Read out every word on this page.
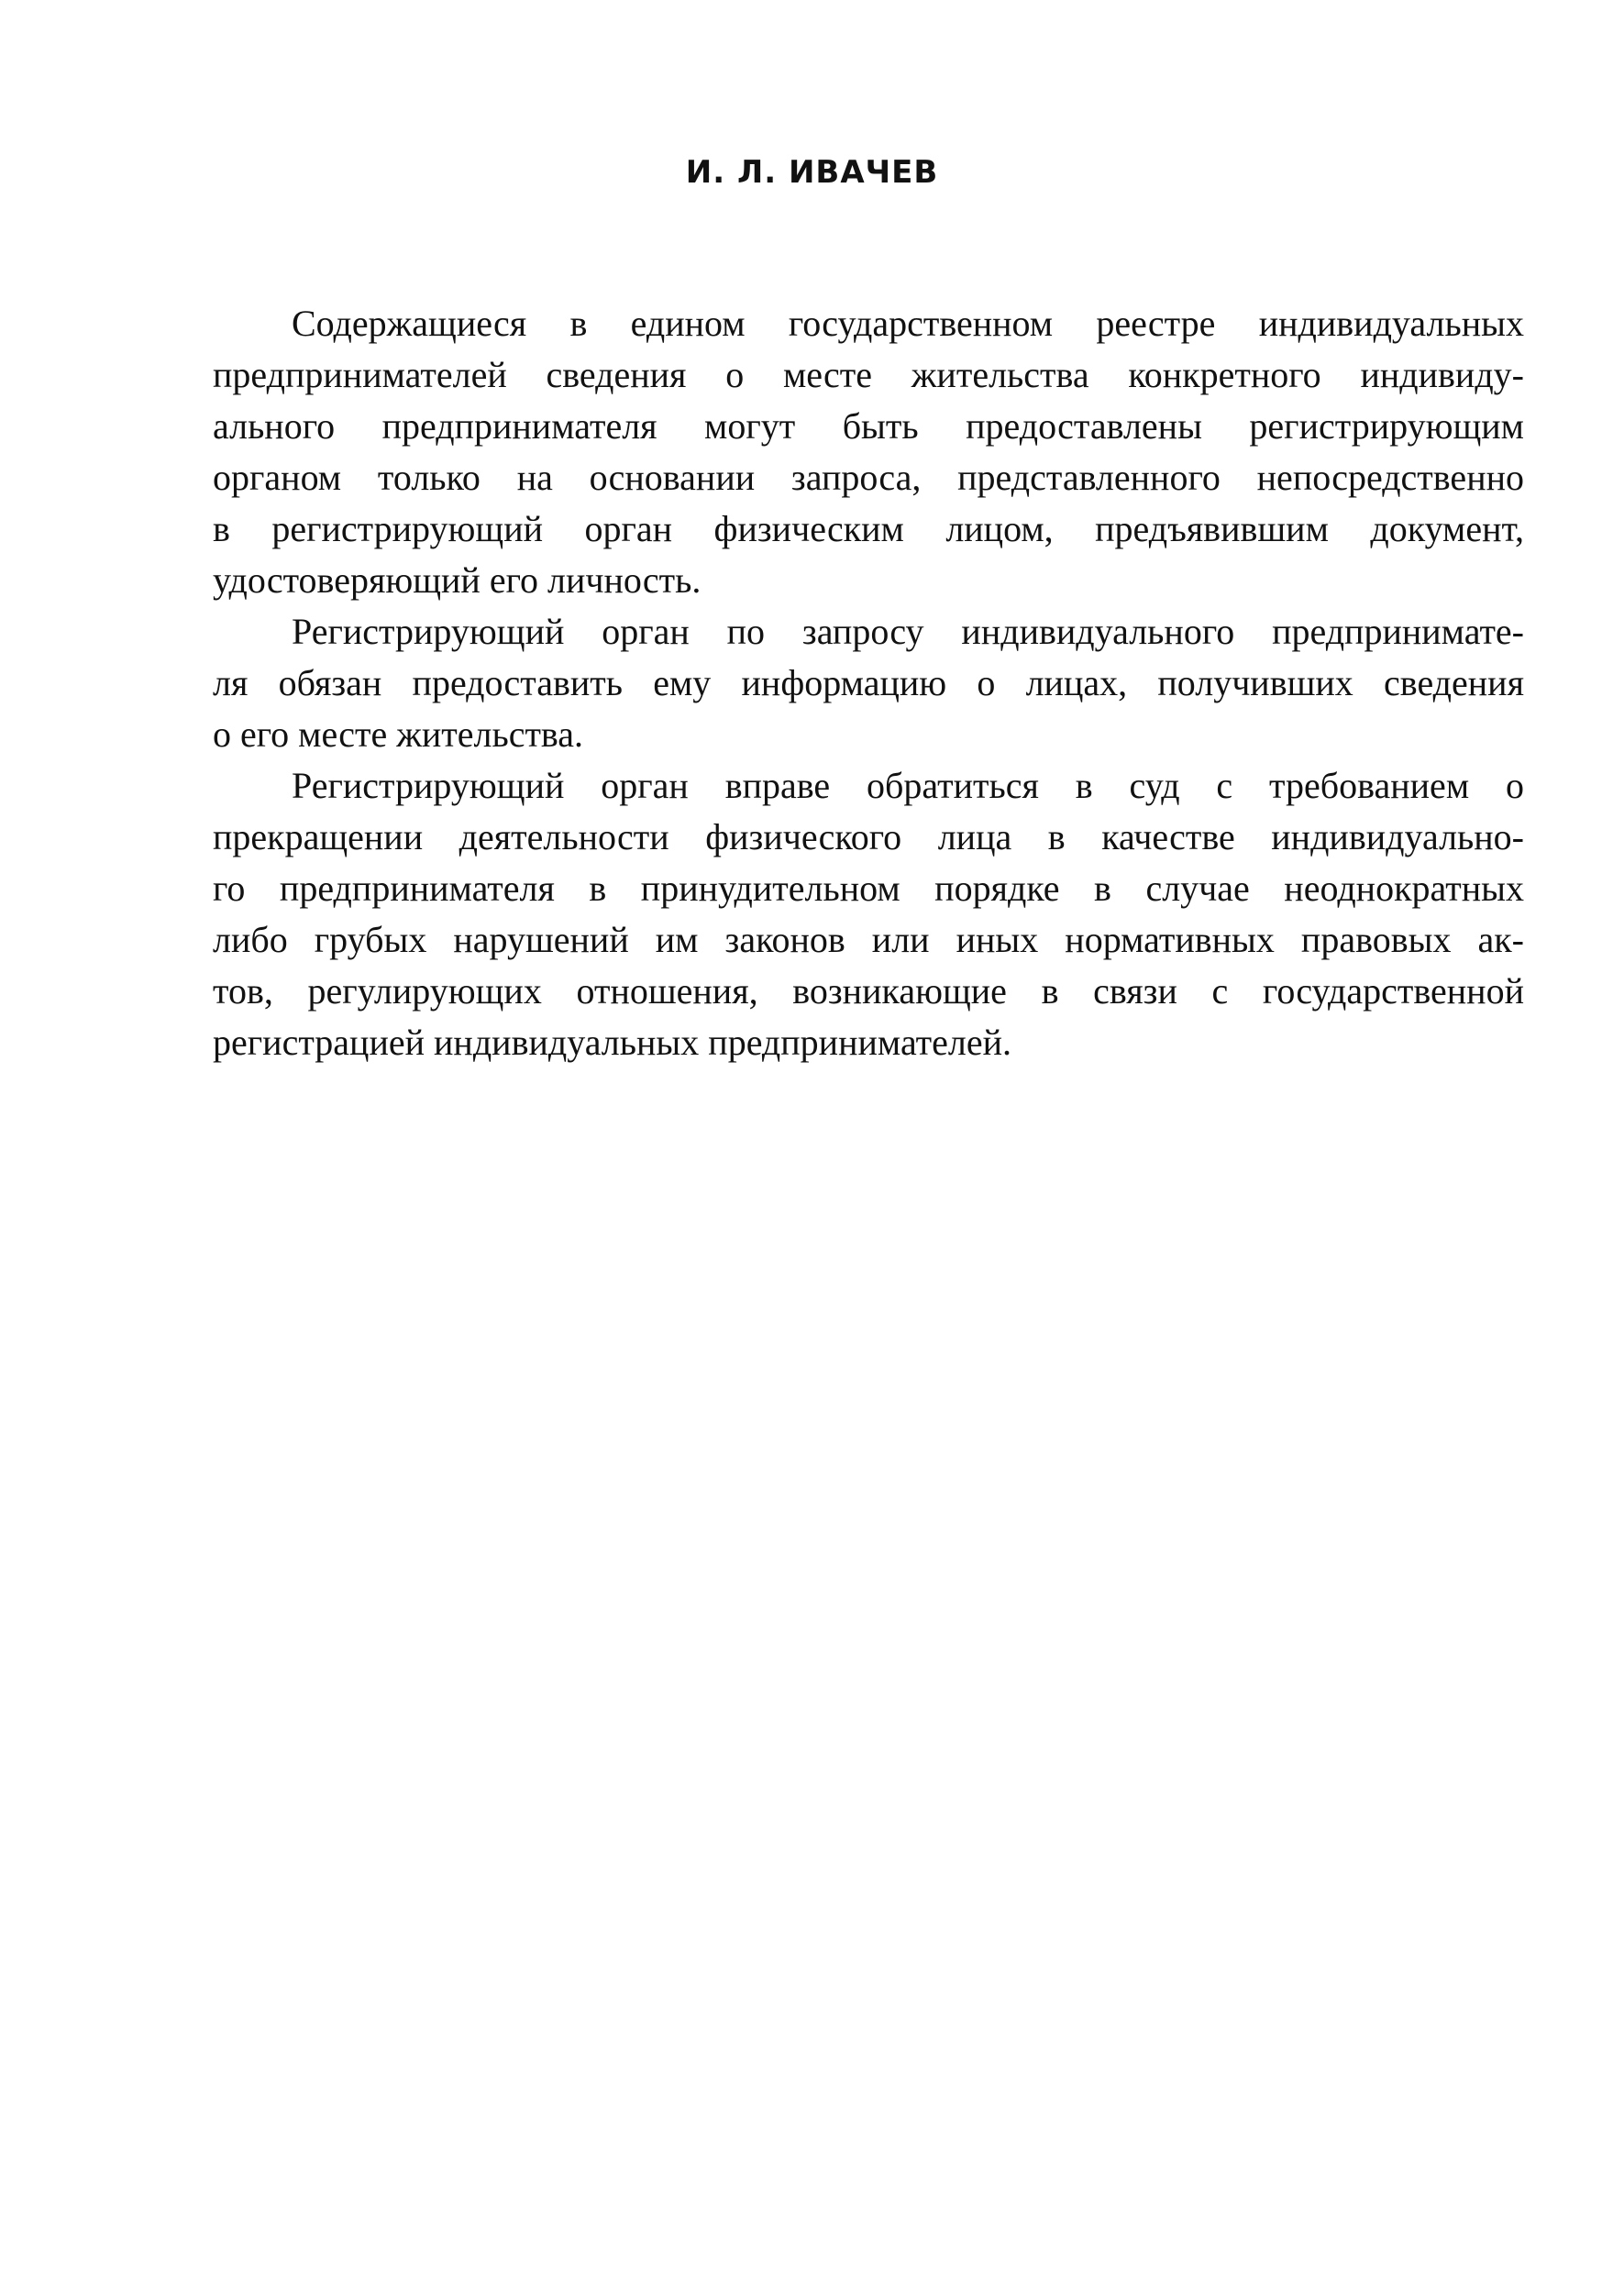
И. Л. ИВАЧЕВ
Содержащиеся в едином государственном реестре индивидуальных
предпринимателей сведения о месте жительства конкретного индивиду-
ального предпринимателя могут быть предоставлены регистрирующим
органом только на основании запроса, представленного непосредственно
в регистрирующий орган физическим лицом, предъявившим документ,
удостоверяющий его личность.
Регистрирующий орган по запросу индивидуального предпринимате-
ля обязан предоставить ему информацию о лицах, получивших сведения
о его месте жительства.
Регистрирующий орган вправе обратиться в суд с требованием о
прекращении деятельности физического лица в качестве индивидуально-
го предпринимателя в принудительном порядке в случае неоднократных
либо грубых нарушений им законов или иных нормативных правовых ак-
тов, регулирующих отношения, возникающие в связи с государственной
регистрацией индивидуальных предпринимателей.
